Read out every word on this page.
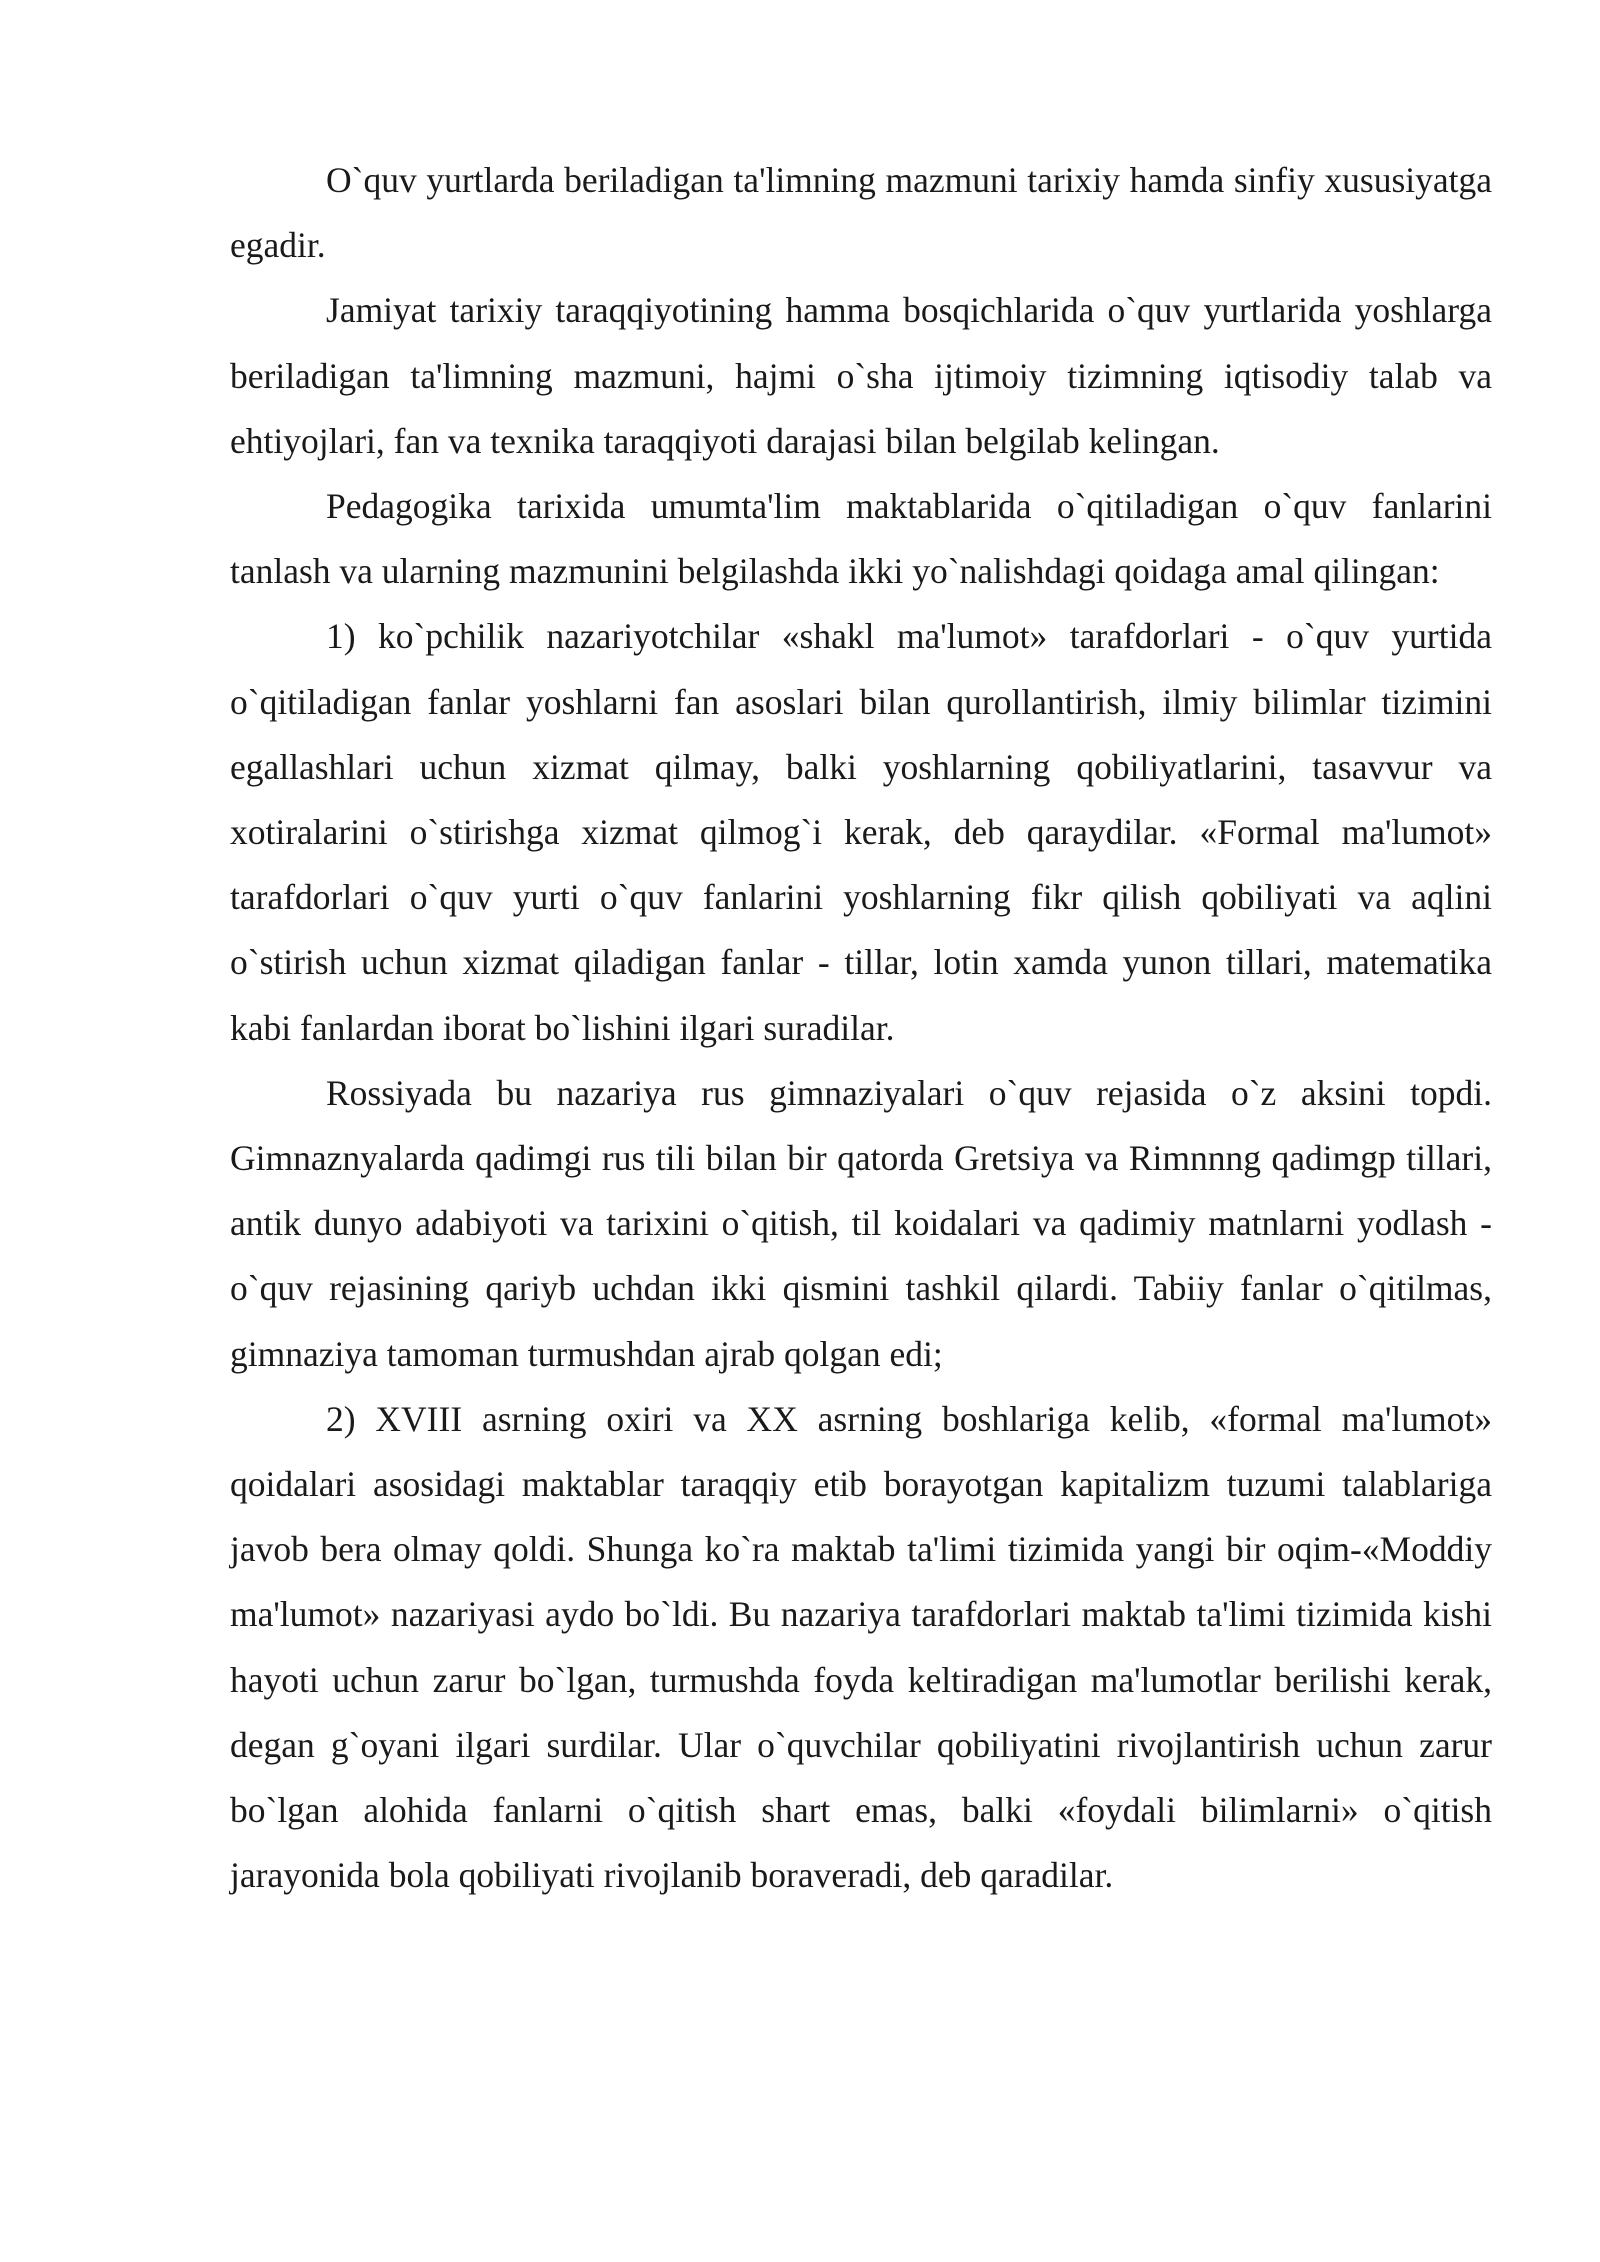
O`quv yurtlarda beriladigan ta'limning mazmuni tarixiy hamda sinfiy xususiyatga egadir.

Jamiyat tarixiy taraqqiyotining hamma bosqichlarida o`quv yurtlarida yoshlarga beriladigan ta'limning mazmuni, hajmi o`sha ijtimoiy tizimning iqtisodiy talab va ehtiyojlari, fan va texnika taraqqiyoti darajasi bilan belgilab kelingan.

Pedagogika tarixida umumta'lim maktablarida o`qitiladigan o`quv fanlarini tanlash va ularning mazmunini belgilashda ikki yo`nalishdagi qoidaga amal qilingan:

1) ko`pchilik nazariyotchilar «shakl ma'lumot» tarafdorlari - o`quv yurtida o`qitiladigan fanlar yoshlarni fan asoslari bilan qurollantirish, ilmiy bilimlar tizimini egallashlari uchun xizmat qilmay, balki yoshlarning qobiliyatlarini, tasavvur va xotiralarini o`stirishga xizmat qilmog`i kerak, deb qaraydilar. «Formal ma'lumot» tarafdorlari o`quv yurti o`quv fanlarini yoshlarning fikr qilish qobiliyati va aqlini o`stirish uchun xizmat qiladigan fanlar - tillar, lotin xamda yunon tillari, matematika kabi fanlardan iborat bo`lishini ilgari suradilar.

Rossiyada bu nazariya rus gimnaziyalari o`quv rejasida o`z aksini topdi. Gimnaznyalarda qadimgi rus tili bilan bir qatorda Gretsiya va Rimnnng qadimgp tillari, antik dunyo adabiyoti va tarixini o`qitish, til koidalari va qadimiy matnlarni yodlash - o`quv rejasining qariyb uchdan ikki qismini tashkil qilardi. Tabiiy fanlar o`qitilmas, gimnaziya tamoman turmushdan ajrab qolgan edi;

2) XVIII asrning oxiri va XX asrning boshlariga kelib, «formal ma'lumot» qoidalari asosidagi maktablar taraqqiy etib borayotgan kapitalizm tuzumi talablariga javob bera olmay qoldi. Shunga ko`ra maktab ta'limi tizimida yangi bir oqim-«Moddiy ma'lumot» nazariyasi aydo bo`ldi. Bu nazariya tarafdorlari maktab ta'limi tizimida kishi hayoti uchun zarur bo`lgan, turmushda foyda keltiradigan ma'lumotlar berilishi kerak, degan g`oyani ilgari surdilar. Ular o`quvchilar qobiliyatini rivojlantirish uchun zarur bo`lgan alohida fanlarni o`qitish shart emas, balki «foydali bilimlarni» o`qitish jarayonida bola qobiliyati rivojlanib boraveradi, deb qaradilar.
